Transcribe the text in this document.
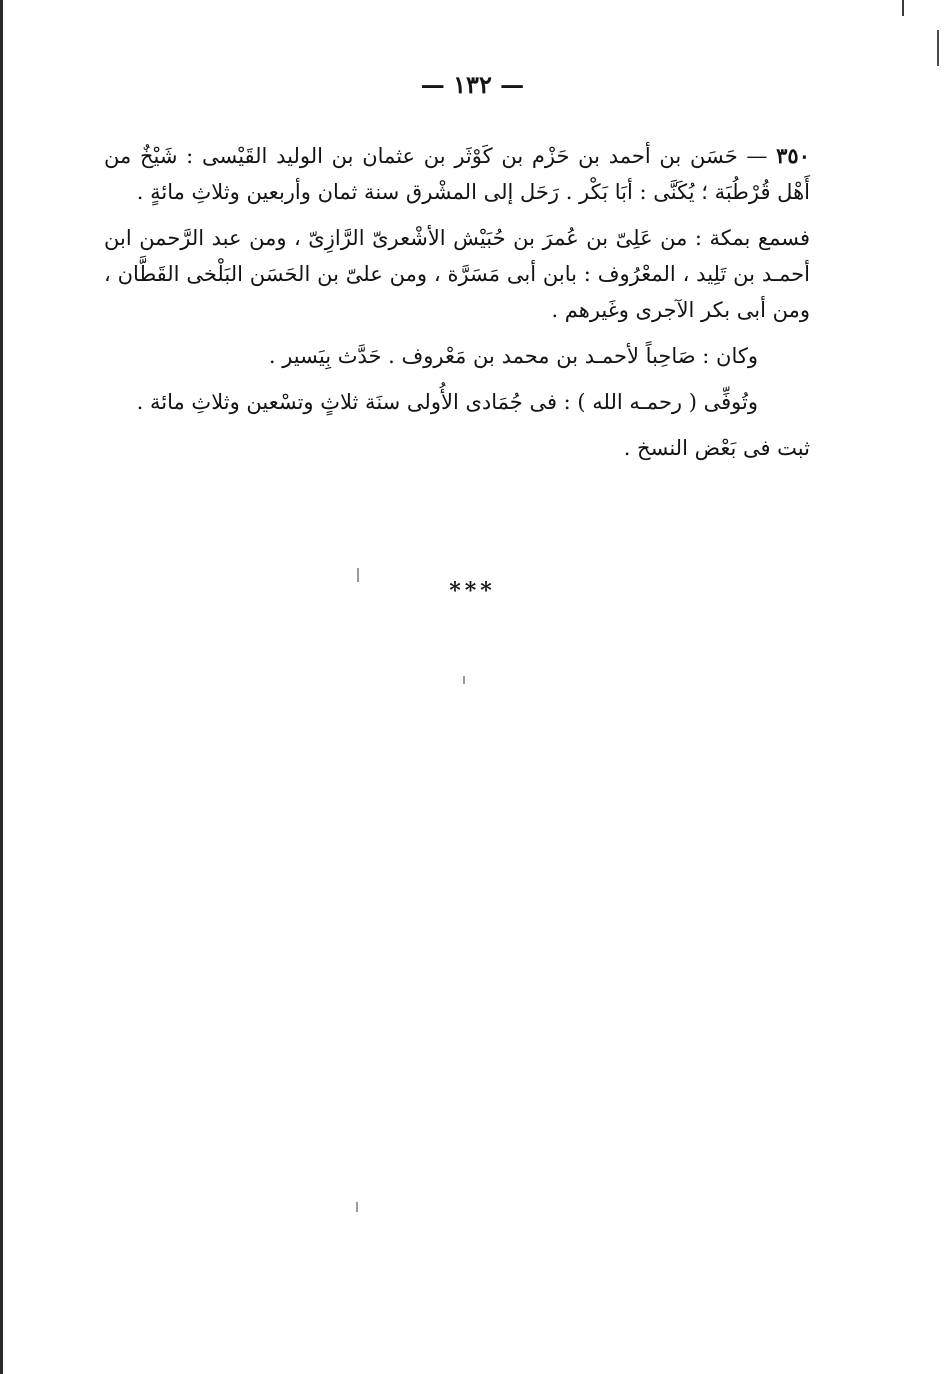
— ١٣٢ —

٣٥٠ — حَسَن بن أحمد بن حَزْم بن كَوْثَر بن عثمان بن الوليد القَيْسى : شَيْخٌ من أَهْل قُرْطُبَة ؛ يُكَنَّى : أبَا بَكْر . رَحَل إلى المشْرق سنة ثمان وأربعين وثلاثِ مائةٍ .

فسمع بمكة : من عَلِىّ بن عُمرَ بن حُبَيْش الأشْعرىّ الرَّازِىّ ، ومن عبد الرَّحمن ابن أحمـد بن تَلِيد ، المعْرُوف : بابن أبى مَسَرَّة ، ومن علىّ بن الحَسَن البَلْخى القَطَّان ، ومن أبى بكر الآجرى وغَيرهم .

وكان : صَاحِباً لأحمـد بن محمد بن مَعْروف . حَدَّث بِيَسير .

وتُوفِّى ( رحمـه الله ) : فى جُمَادى الأُولى سنَة ثلاثٍ وتسْعين وثلاثِ مائة .

ثبت فى بَعْض النسخ .

***
